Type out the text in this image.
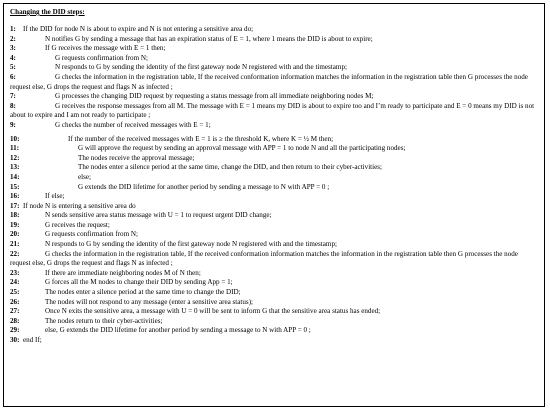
Changing the DID steps:
1: If the DID for node N is about to expire and N is not entering a sensitive area do;
2:	N notifies G by sending a message that has an expiration status of E = 1, where 1 means the DID is about to expire;
3:	If G receives the message with E = 1 then;
4:	G requests confirmation from N;
5:	N responds to G by sending the identity of the first gateway node N registered with and the timestamp;
6:	G checks the information in the registration table, If the received conformation information matches the information in the registration table then G processes the node request else, G drops the request and flags N as infected ;
7:	G processes the changing DID request by requesting a status message from all immediate neighboring nodes M;
8:	G receives the response messages from all M. The message with E = 1 means my DID is about to expire too and I’m ready to participate and E = 0 means my DID is not about to expire and I am not ready to participate ;
9:	G checks the number of received messages with E = 1;
10:	If the number of the received messages with E = 1 is ≥ the threshold K, where K = ½ M then;
11:	G will approve the request by sending an approval message with APP = 1 to node N and all the participating nodes;
12:	The nodes receive the approval message;
13:	The nodes enter a silence period at the same time, change the DID, and then return to their cyber-activities;
14:	else;
15:	G extends the DID lifetime for another period by sending a message to N with APP = 0 ;
16:	If else;
17: If node N is entering a sensitive area do
18:	N sends sensitive area status message with U = 1 to request urgent DID change;
19:	G receives the request;
20:	G requests confirmation from N;
21:	N responds to G by sending the identity of the first gateway node N registered with and the timestamp;
22:	G checks the information in the registration table, If the received conformation information matches the information in the registration table then G processes the node request else, G drops the request and flags N as infected ;
23:	If there are immediate neighboring nodes M of N then;
24:	G forces all the M nodes to change their DID by sending App = 1;
25:	The nodes enter a silence period at the same time to change the DID;
26:	The nodes will not respond to any message (enter a sensitive area status);
27:	Once N exits the sensitive area, a message with U = 0 will be sent to inform G that the sensitive area status has ended;
28:	The nodes return to their cyber-activities;
29:	else, G extends the DID lifetime for another period by sending a message to N with APP = 0 ;
30: end If;
